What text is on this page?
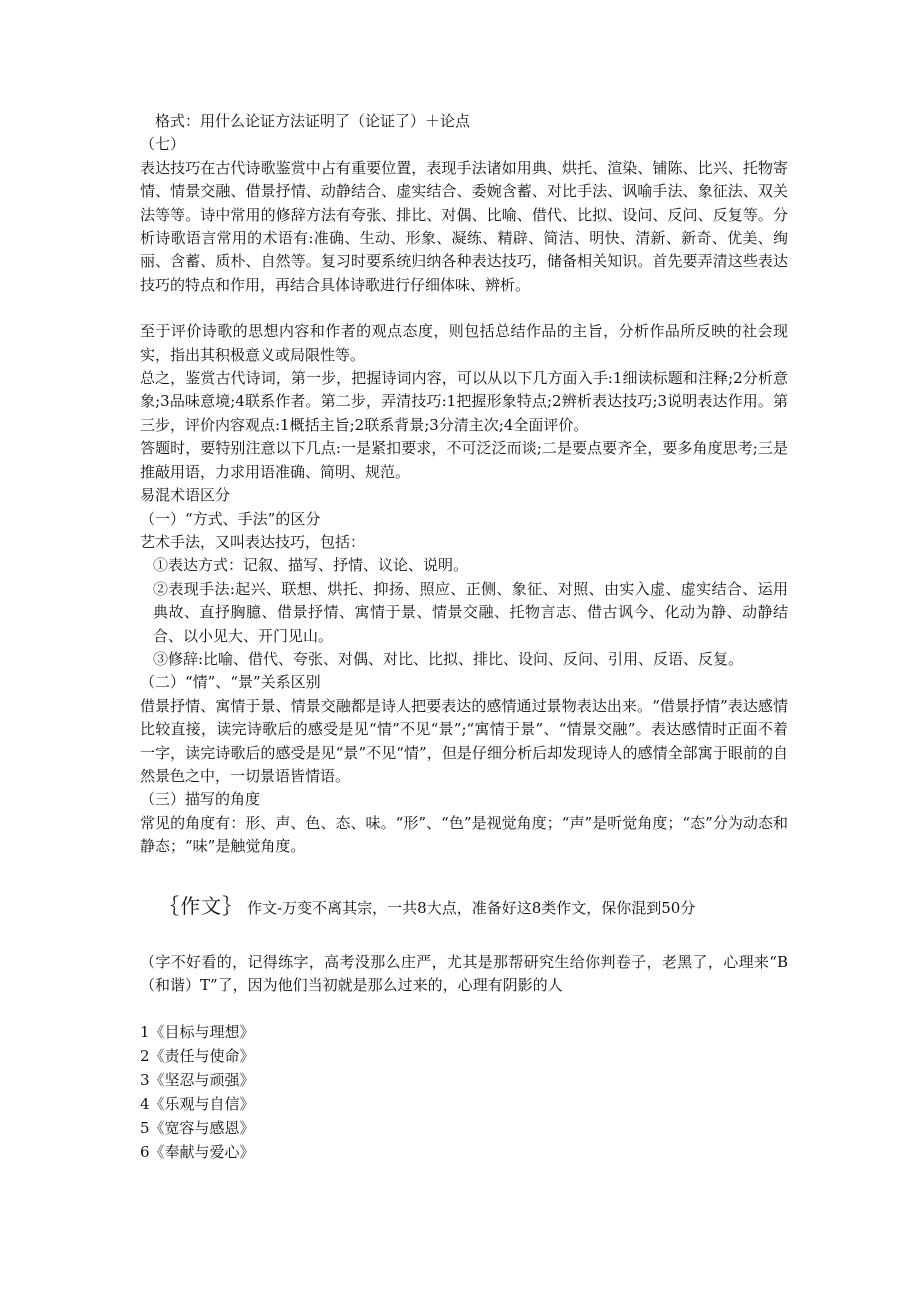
　格式：用什么论证方法证明了（论证了）＋论点

（七）

表达技巧在古代诗歌鉴赏中占有重要位置，表现手法诸如用典、烘托、渲染、铺陈、比兴、托物寄情、情景交融、借景抒情、动静结合、虚实结合、委婉含蓄、对比手法、讽喻手法、象征法、双关法等等。诗中常用的修辞方法有夸张、排比、对偶、比喻、借代、比拟、设问、反问、反复等。分析诗歌语言常用的术语有:准确、生动、形象、凝练、精辟、简洁、明快、清新、新奇、优美、绚丽、含蓄、质朴、自然等。复习时要系统归纳各种表达技巧，储备相关知识。首先要弄清这些表达技巧的特点和作用，再结合具体诗歌进行仔细体味、辨析。

至于评价诗歌的思想内容和作者的观点态度，则包括总结作品的主旨，分析作品所反映的社会现实，指出其积极意义或局限性等。

总之，鉴赏古代诗词，第一步，把握诗词内容，可以从以下几方面入手:1细读标题和注释;2分析意象;3品味意境;4联系作者。第二步，弄清技巧:1把握形象特点;2辨析表达技巧;3说明表达作用。第三步，评价内容观点:1概括主旨;2联系背景;3分清主次;4全面评价。

答题时，要特别注意以下几点:一是紧扣要求，不可泛泛而谈;二是要点要齐全，要多角度思考;三是推敲用语，力求用语准确、简明、规范。

易混术语区分

（一）“方式、手法”的区分

艺术手法，又叫表达技巧，包括：

①表达方式：记叙、描写、抒情、议论、说明。

②表现手法:起兴、联想、烘托、抑扬、照应、正侧、象征、对照、由实入虚、虚实结合、运用典故、直抒胸臆、借景抒情、寓情于景、情景交融、托物言志、借古讽今、化动为静、动静结合、以小见大、开门见山。

③修辞:比喻、借代、夸张、对偶、对比、比拟、排比、设问、反问、引用、反语、反复。

（二）“情”、“景”关系区别

借景抒情、寓情于景、情景交融都是诗人把要表达的感情通过景物表达出来。“借景抒情”表达感情比较直接，读完诗歌后的感受是见“情”不见“景”;“寓情于景”、“情景交融”。表达感情时正面不着一字，读完诗歌后的感受是见“景”不见“情”，但是仔细分析后却发现诗人的感情全部寓于眼前的自然景色之中，一切景语皆情语。

（三）描写的角度

常见的角度有：形、声、色、态、味。“形”、“色”是视觉角度；“声”是听觉角度；“态”分为动态和静态；“味”是触觉角度。

｛作文｝ 作文-万变不离其宗，一共8大点，准备好这8类作文，保你混到50分

（字不好看的，记得练字，高考没那么庄严，尤其是那帮研究生给你判卷子，老黑了，心理来“B（和谐）T”了，因为他们当初就是那么过来的，心理有阴影的人

1《目标与理想》

2《责任与使命》

3《坚忍与顽强》

4《乐观与自信》

5《宽容与感恩》

6《奉献与爱心》
